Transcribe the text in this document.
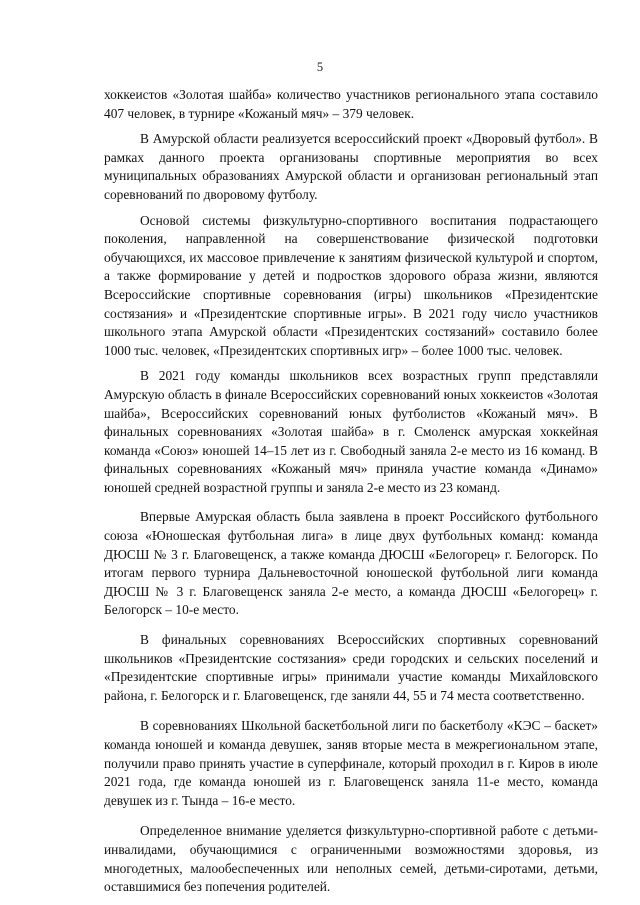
5

хоккеистов «Золотая шайба» количество участников регионального этапа составило 407 человек, в турнире «Кожаный мяч» – 379 человек.

В Амурской области реализуется всероссийский проект «Дворовый футбол». В рамках данного проекта организованы спортивные мероприятия во всех муниципальных образованиях Амурской области и организован региональный этап соревнований по дворовому футболу.

Основой системы физкультурно-спортивного воспитания подрастающего поколения, направленной на совершенствование физической подготовки обучающихся, их массовое привлечение к занятиям физической культурой и спортом, а также формирование у детей и подростков здорового образа жизни, являются Всероссийские спортивные соревнования (игры) школьников «Президентские состязания» и «Президентские спортивные игры». В 2021 году число участников школьного этапа Амурской области «Президентских состязаний» составило более 1000 тыс. человек, «Президентских спортивных игр» – более 1000 тыс. человек.

В 2021 году команды школьников всех возрастных групп представляли Амурскую область в финале Всероссийских соревнований юных хоккеистов «Золотая шайба», Всероссийских соревнований юных футболистов «Кожаный мяч». В финальных соревнованиях «Золотая шайба» в г. Смоленск амурская хоккейная команда «Союз» юношей 14–15 лет из г. Свободный заняла 2-е место из 16 команд. В финальных соревнованиях «Кожаный мяч» приняла участие команда «Динамо» юношей средней возрастной группы и заняла 2-е место из 23 команд.

Впервые Амурская область была заявлена в проект Российского футбольного союза «Юношеская футбольная лига» в лице двух футбольных команд: команда ДЮСШ № 3 г. Благовещенск, а также команда ДЮСШ «Белогорец» г. Белогорск. По итогам первого турнира Дальневосточной юношеской футбольной лиги команда ДЮСШ № 3 г. Благовещенск заняла 2-е место, а команда ДЮСШ «Белогорец» г. Белогорск – 10-е место.

В финальных соревнованиях Всероссийских спортивных соревнований школьников «Президентские состязания» среди городских и сельских поселений и «Президентские спортивные игры» принимали участие команды Михайловского района, г. Белогорск и г. Благовещенск, где заняли 44, 55 и 74 места соответственно.

В соревнованиях Школьной баскетбольной лиги по баскетболу «КЭС – баскет» команда юношей и команда девушек, заняв вторые места в межрегиональном этапе, получили право принять участие в суперфинале, который проходил в г. Киров в июле 2021 года, где команда юношей из г. Благовещенск заняла 11-е место, команда девушек из г. Тында – 16-е место.

Определенное внимание уделяется физкультурно-спортивной работе с детьми-инвалидами, обучающимися с ограниченными возможностями здоровья, из многодетных, малообеспеченных или неполных семей, детьми-сиротами, детьми, оставшимися без попечения родителей.
